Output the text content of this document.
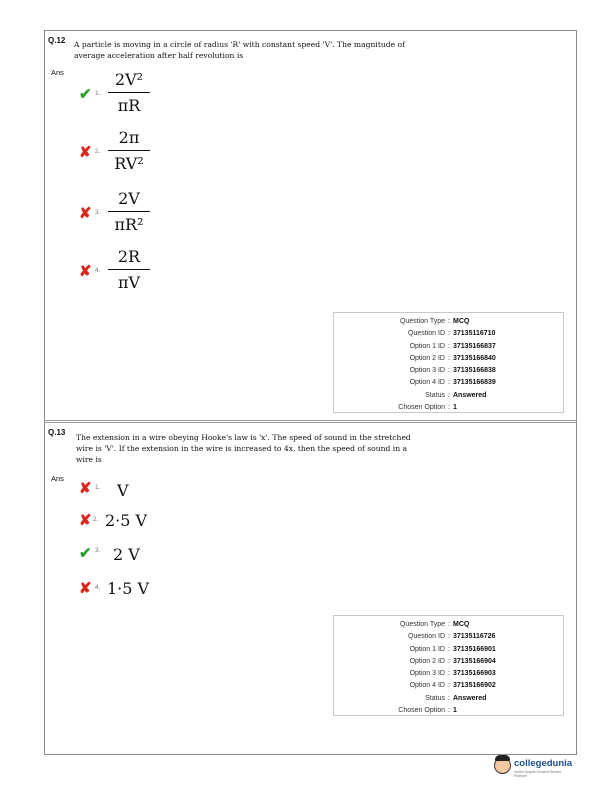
Q.12 A particle is moving in a circle of radius 'R' with constant speed 'V'. The magnitude of
average acceleration after half revolution is
Ans
✔ 1.
2V²
πR
✘ 2.
2π
RV²
✘ 3.
2V
πR²
✘ 4.
2R
πV
Question Type : MCQ
Question ID : 37135116710
Option 1 ID : 37135166837
Option 2 ID : 37135166840
Option 3 ID : 37135166838
Option 4 ID : 37135166839
Status : Answered
Chosen Option : 1
Q.13
The extension in a wire obeying Hooke's law is 'x'. The speed of sound in the stretched
wire is 'V'. If the extension in the wire is increased to 4x, then the speed of sound in a
wire is
Ans
✘ 1. V
✘ 2. 2·5 V
✔ 3. 2 V
✘ 4. 1·5 V
Question Type : MCQ
Question ID : 37135116726
Option 1 ID : 37135166901
Option 2 ID : 37135166904
Option 3 ID : 37135166903
Option 4 ID : 37135166902
Status : Answered
Chosen Option : 1
collegedunia
India's largest Student Review Platform
